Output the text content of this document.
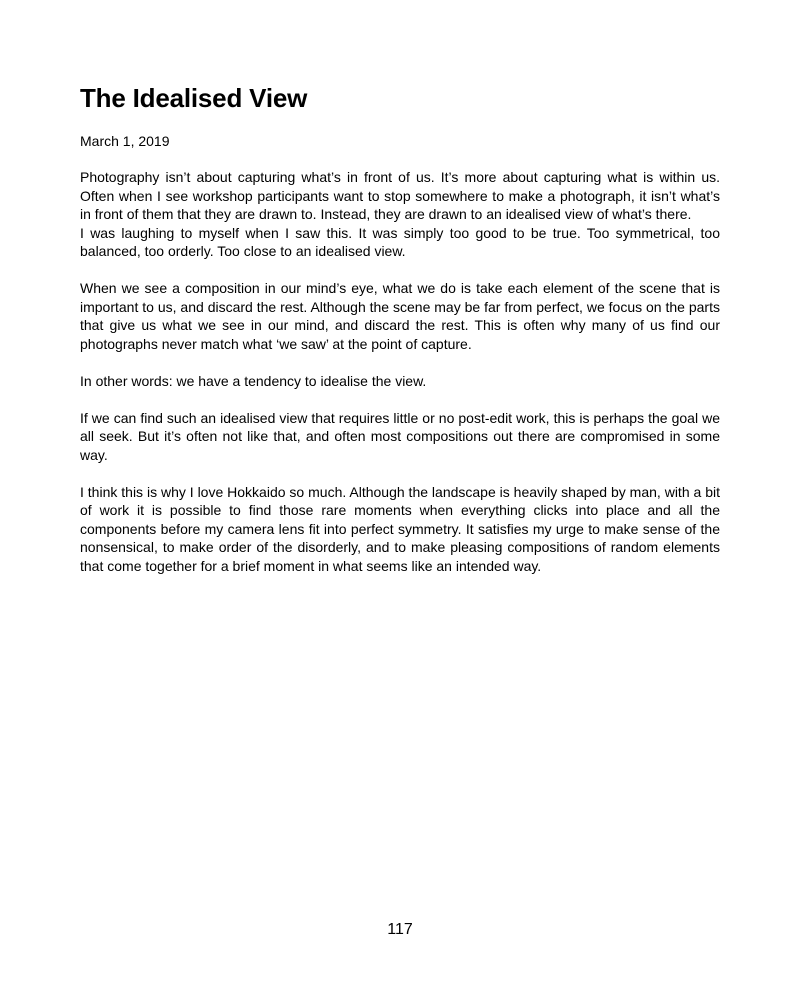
The Idealised View

March 1, 2019

Photography isn’t about capturing what’s in front of us. It’s more about capturing what is within us. Often when I see workshop participants want to stop somewhere to make a photograph, it isn’t what’s in front of them that they are drawn to. Instead, they are drawn to an idealised view of what’s there.

I was laughing to myself when I saw this. It was simply too good to be true. Too symmetrical, too balanced, too orderly. Too close to an idealised view.

When we see a composition in our mind’s eye, what we do is take each element of the scene that is important to us, and discard the rest. Although the scene may be far from perfect, we focus on the parts that give us what we see in our mind, and discard the rest. This is often why many of us find our photographs never match what ‘we saw’ at the point of capture.

In other words: we have a tendency to idealise the view.

If we can find such an idealised view that requires little or no post-edit work, this is perhaps the goal we all seek. But it’s often not like that, and often most compositions out there are compromised in some way.

I think this is why I love Hokkaido so much. Although the landscape is heavily shaped by man, with a bit of work it is possible to find those rare moments when everything clicks into place and all the components before my camera lens fit into perfect symmetry. It satisfies my urge to make sense of the nonsensical, to make order of the disorderly, and to make pleasing compositions of random elements that come together for a brief moment in what seems like an intended way.

117
